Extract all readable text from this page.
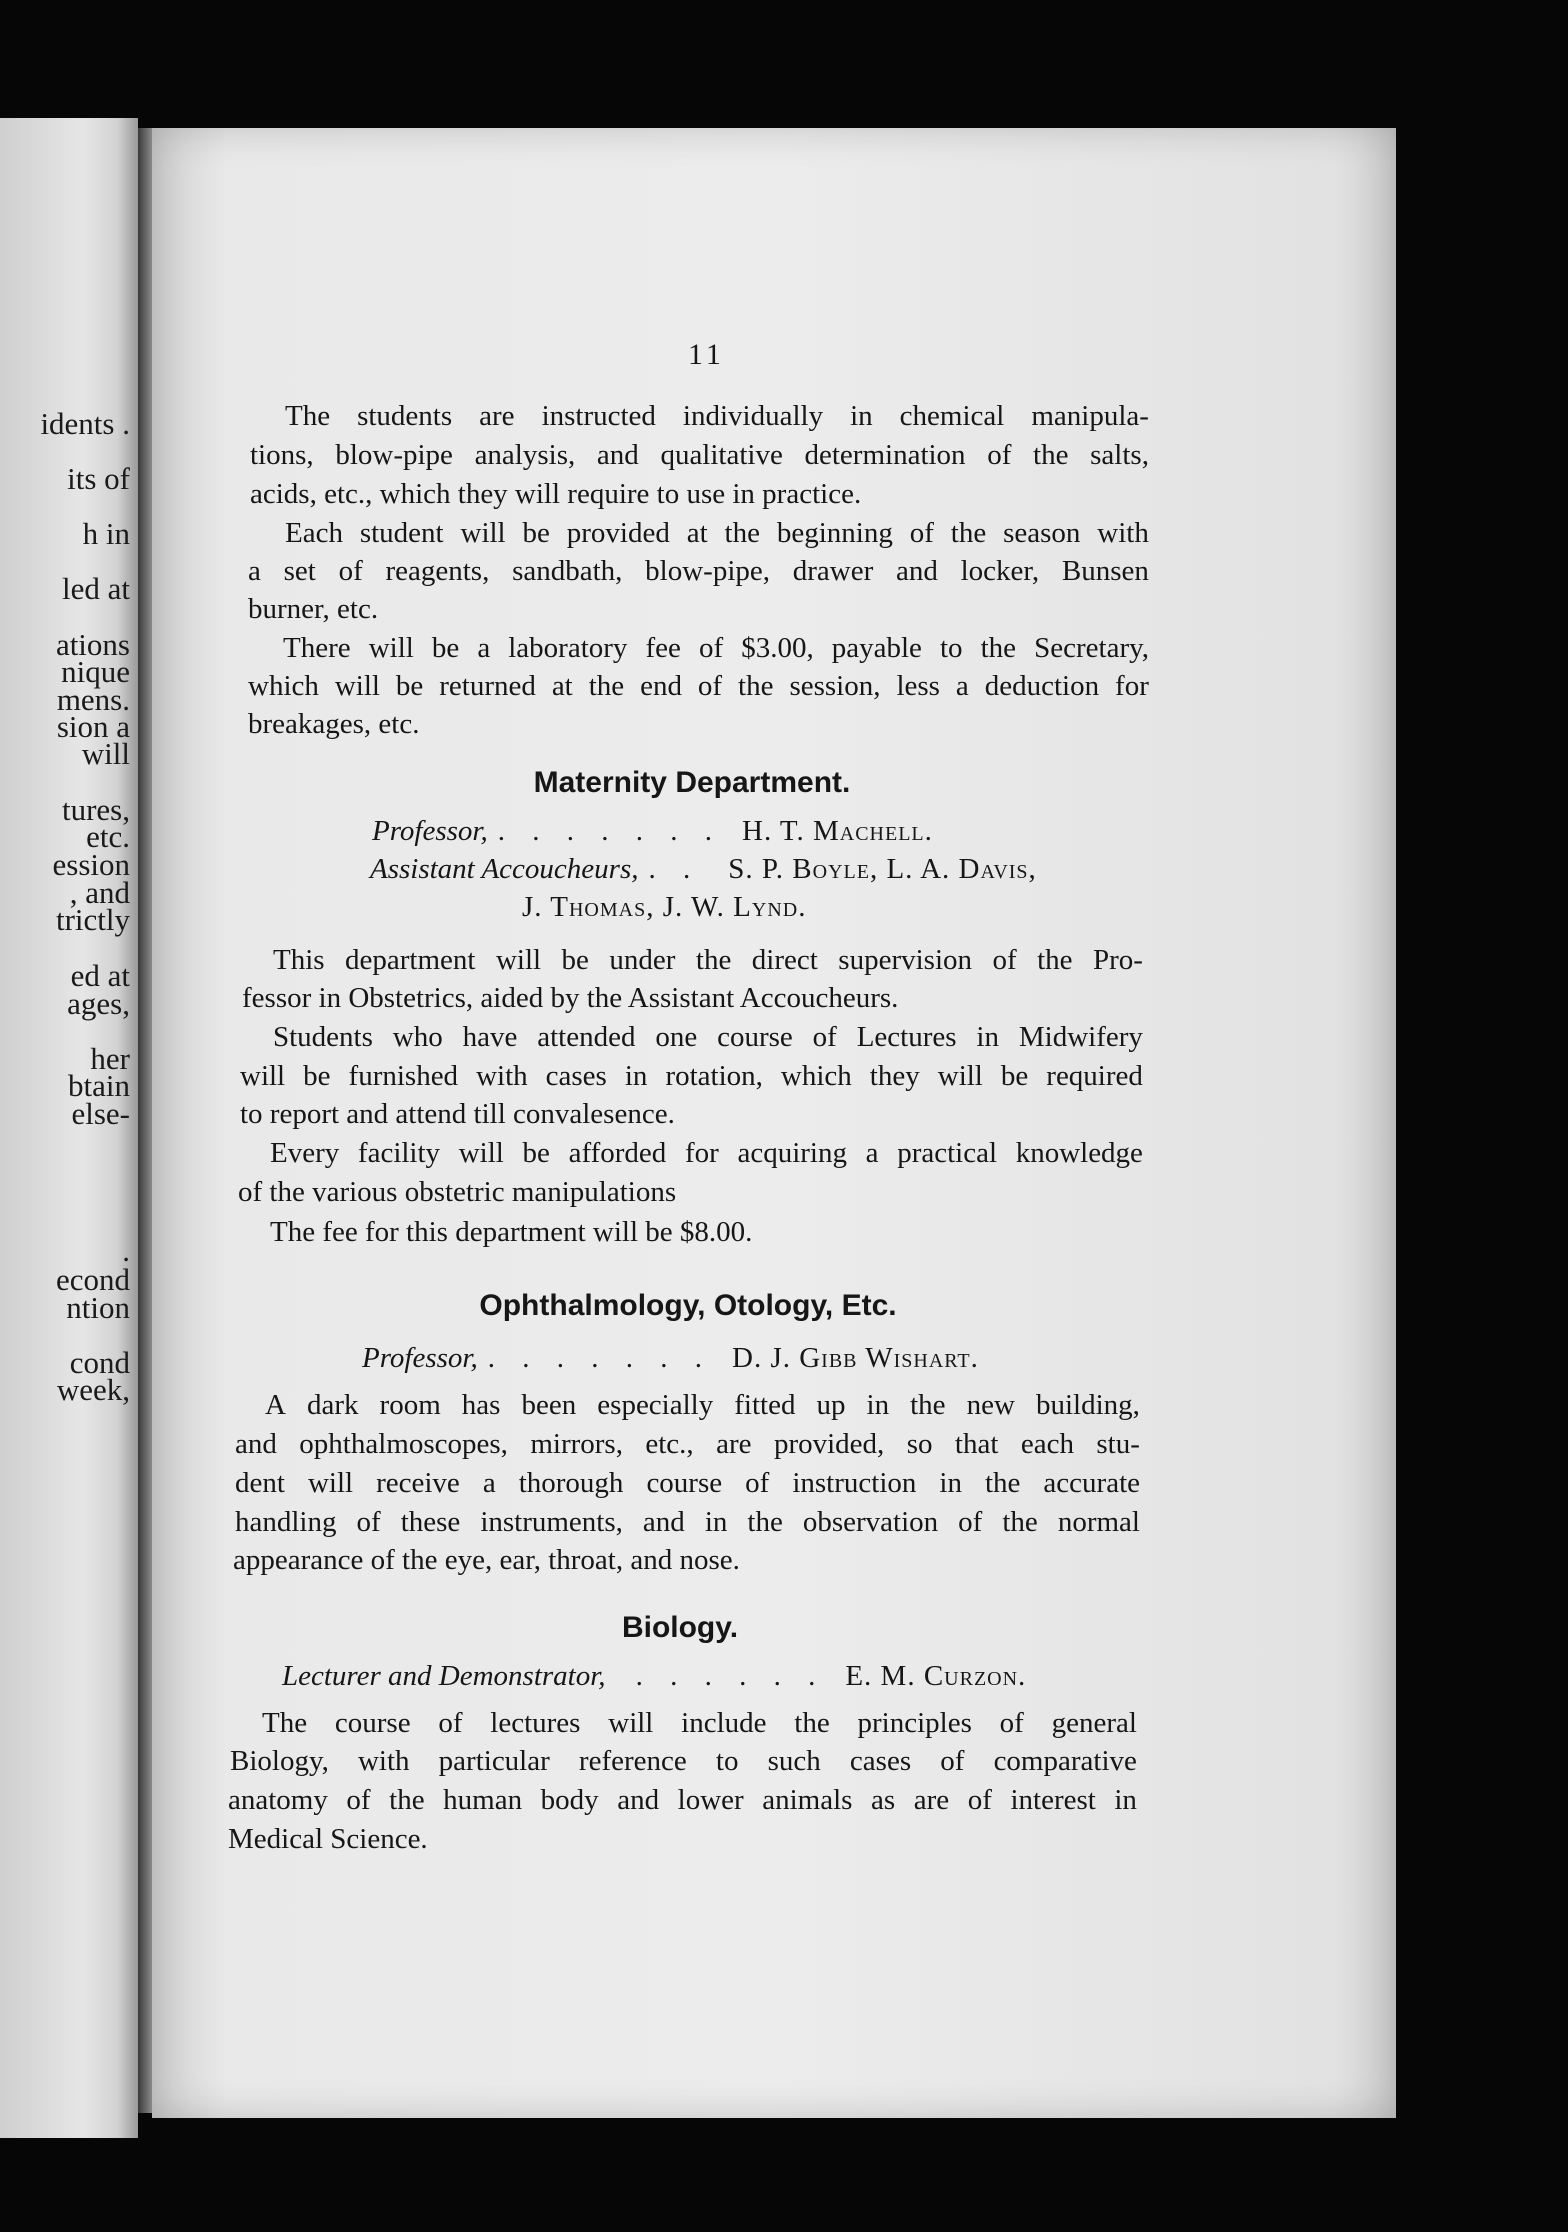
idents .
its of
h in
led at
ations
nique
mens.
sion a
will
tures,
etc.
ession
, and
trictly
ed at
ages,
her
btain
else-
.
econd
ntion
cond
week,
11
The students are instructed individually in chemical manipula-
tions, blow-pipe analysis, and qualitative determination of the salts,
acids, etc., which they will require to use in practice.
Each student will be provided at the beginning of the season with
a set of reagents, sandbath, blow-pipe, drawer and locker, Bunsen
burner, etc.
There will be a laboratory fee of $3.00, payable to the Secretary,
which will be returned at the end of the session, less a deduction for
breakages, etc.
Maternity Department.
Professor, . . . . . . . H. T. Machell.
Assistant Accoucheurs, . . S. P. Boyle, L. A. Davis,
J. Thomas, J. W. Lynd.
This department will be under the direct supervision of the Pro-
fessor in Obstetrics, aided by the Assistant Accoucheurs.
Students who have attended one course of Lectures in Midwifery
will be furnished with cases in rotation, which they will be required
to report and attend till convalesence.
Every facility will be afforded for acquiring a practical knowledge
of the various obstetric manipulations
The fee for this department will be $8.00.
Ophthalmology, Otology, Etc.
Professor, . . . . . . . D. J. Gibb Wishart.
A dark room has been especially fitted up in the new building,
and ophthalmoscopes, mirrors, etc., are provided, so that each stu-
dent will receive a thorough course of instruction in the accurate
handling of these instruments, and in the observation of the normal
appearance of the eye, ear, throat, and nose.
Biology.
Lecturer and Demonstrator, . . . . . . E. M. Curzon.
The course of lectures will include the principles of general
Biology, with particular reference to such cases of comparative
anatomy of the human body and lower animals as are of interest in
Medical Science.
